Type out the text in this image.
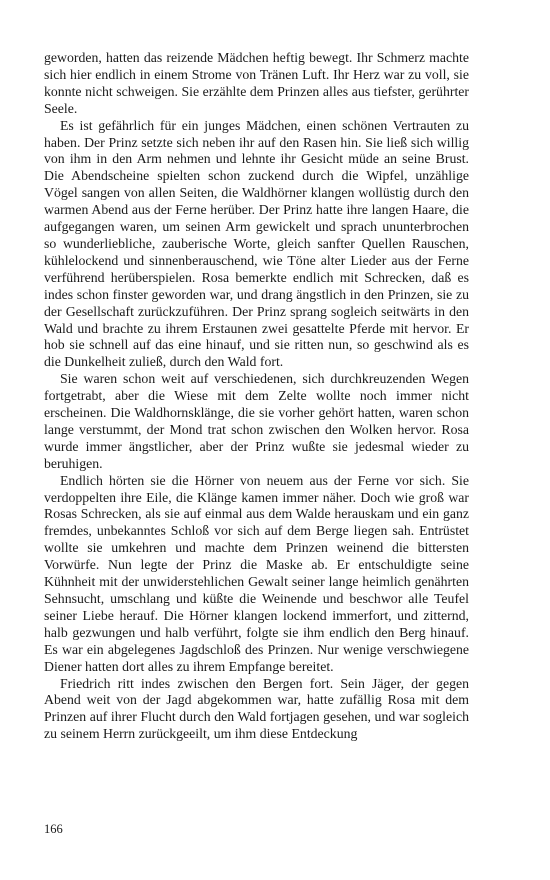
geworden, hatten das reizende Mädchen heftig bewegt. Ihr Schmerz machte sich hier endlich in einem Strome von Tränen Luft. Ihr Herz war zu voll, sie konnte nicht schweigen. Sie erzählte dem Prinzen alles aus tiefster, gerührter Seele.

Es ist gefährlich für ein junges Mädchen, einen schönen Vertrauten zu haben. Der Prinz setzte sich neben ihr auf den Rasen hin. Sie ließ sich willig von ihm in den Arm nehmen und lehnte ihr Gesicht müde an seine Brust. Die Abendscheine spielten schon zuckend durch die Wipfel, unzählige Vögel sangen von allen Seiten, die Waldhörner klangen wollüstig durch den warmen Abend aus der Ferne herüber. Der Prinz hatte ihre langen Haare, die aufgegangen waren, um seinen Arm gewickelt und sprach ununterbrochen so wunderliebliche, zauberische Worte, gleich sanfter Quellen Rauschen, kühlelockend und sinnenberauschend, wie Töne alter Lieder aus der Ferne verführend herüberspielen. Rosa bemerkte endlich mit Schrecken, daß es indes schon finster geworden war, und drang ängstlich in den Prinzen, sie zu der Gesellschaft zurückzuführen. Der Prinz sprang sogleich seitwärts in den Wald und brachte zu ihrem Erstaunen zwei gesattelte Pferde mit hervor. Er hob sie schnell auf das eine hinauf, und sie ritten nun, so geschwind als es die Dunkelheit zuließ, durch den Wald fort.

Sie waren schon weit auf verschiedenen, sich durchkreuzenden Wegen fortgetrabt, aber die Wiese mit dem Zelte wollte noch immer nicht erscheinen. Die Waldhornsklänge, die sie vorher gehört hatten, waren schon lange verstummt, der Mond trat schon zwischen den Wolken hervor. Rosa wurde immer ängstlicher, aber der Prinz wußte sie jedesmal wieder zu beruhigen.

Endlich hörten sie die Hörner von neuem aus der Ferne vor sich. Sie verdoppelten ihre Eile, die Klänge kamen immer näher. Doch wie groß war Rosas Schrecken, als sie auf einmal aus dem Walde herauskam und ein ganz fremdes, unbekanntes Schloß vor sich auf dem Berge liegen sah. Entrüstet wollte sie umkehren und machte dem Prinzen weinend die bittersten Vorwürfe. Nun legte der Prinz die Maske ab. Er entschuldigte seine Kühnheit mit der unwiderstehlichen Gewalt seiner lange heimlich genährten Sehnsucht, umschlang und küßte die Weinende und beschwor alle Teufel seiner Liebe herauf. Die Hörner klangen lockend immerfort, und zitternd, halb gezwungen und halb verführt, folgte sie ihm endlich den Berg hinauf. Es war ein abgelegenes Jagdschloß des Prinzen. Nur wenige verschwiegene Diener hatten dort alles zu ihrem Empfange bereitet.

Friedrich ritt indes zwischen den Bergen fort. Sein Jäger, der gegen Abend weit von der Jagd abgekommen war, hatte zufällig Rosa mit dem Prinzen auf ihrer Flucht durch den Wald fortjagen gesehen, und war sogleich zu seinem Herrn zurückgeeilt, um ihm diese Entdeckung

166
